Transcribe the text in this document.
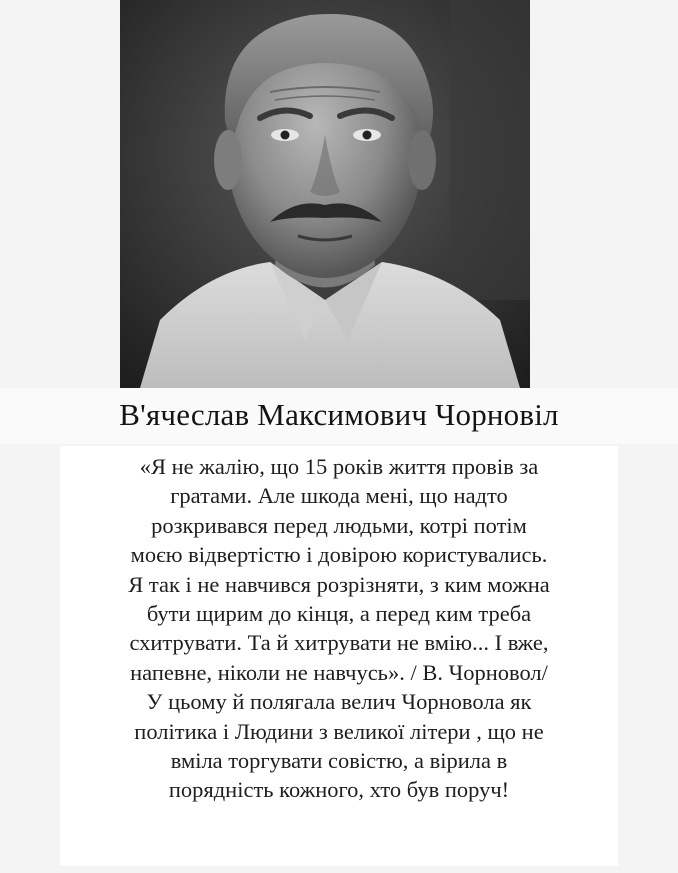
В'ячеслав Максимович Чорновіл
«Я не жалію, що 15 років життя провів за
гратами. Але шкода мені, що надто
розкривався перед людьми, котрі потім
моєю відвертістю і довірою користувались.
Я так і не навчився розрізняти, з ким можна
бути щирим до кінця, а перед ким треба
схитрувати. Та й хитрувати не вмію... І вже,
напевне, ніколи не навчусь». / В. Чорновол/
У цьому й полягала велич Чорновола як
політика і Людини з великої літери , що не
вміла торгувати совістю, а вірила в
порядність кожного, хто був поруч!
